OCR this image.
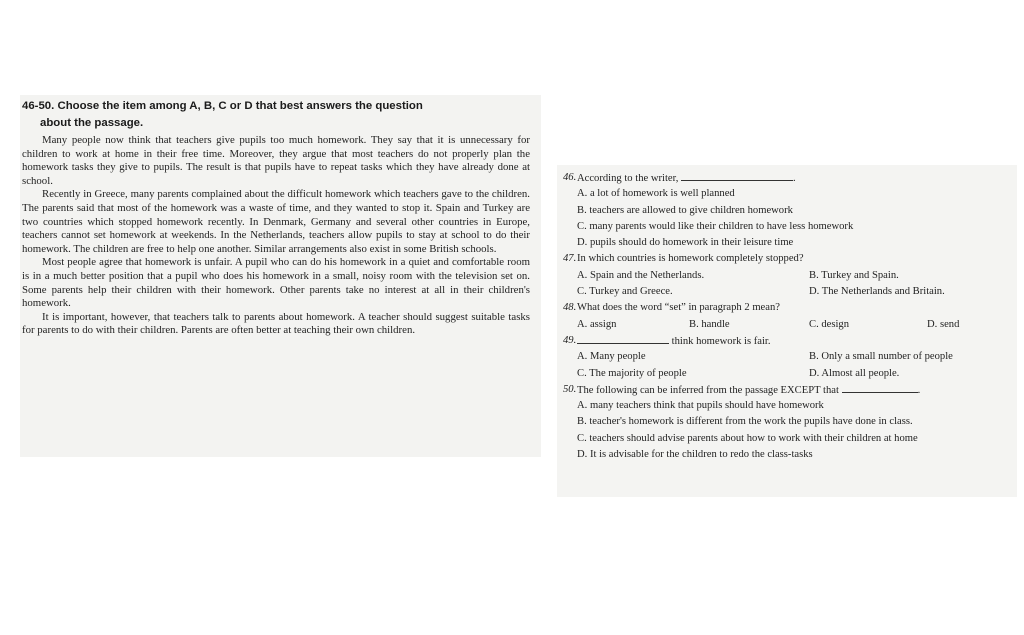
46-50. Choose the item among A, B, C or D that best answers the question
about the passage.

Many people now think that teachers give pupils too much homework. They say that it is unnecessary for children to work at home in their free time. Moreover, they argue that most teachers do not properly plan the homework tasks they give to pupils. The result is that pupils have to repeat tasks which they have already done at school.

Recently in Greece, many parents complained about the difficult homework which teachers gave to the children. The parents said that most of the homework was a waste of time, and they wanted to stop it. Spain and Turkey are two countries which stopped homework recently. In Denmark, Germany and several other countries in Europe, teachers cannot set homework at weekends. In the Netherlands, teachers allow pupils to stay at school to do their homework. The children are free to help one another. Similar arrangements also exist in some British schools.

Most people agree that homework is unfair. A pupil who can do his homework in a quiet and comfortable room is in a much better position that a pupil who does his homework in a small, noisy room with the television set on. Some parents help their children with their homework. Other parents take no interest at all in their children's homework.

It is important, however, that teachers talk to parents about homework. A teacher should suggest suitable tasks for parents to do with their children. Parents are often better at teaching their own children.

46. According to the writer,	.
A. a lot of homework is well planned
B. teachers are allowed to give children homework
C. many parents would like their children to have less homework
D. pupils should do homework in their leisure time
47. In which countries is homework completely stopped?
A. Spain and the Netherlands.	B. Turkey and Spain.
C. Turkey and Greece.	D. The Netherlands and Britain.
48. What does the word “set” in paragraph 2 mean?
A. assign	B. handle	C. design	D. send
49.	think homework is fair.
A. Many people	B. Only a small number of people
C. The majority of people	D. Almost all people.
50. The following can be inferred from the passage EXCEPT that	.
A. many teachers think that pupils should have homework
B. teacher's homework is different from the work the pupils have done in class.
C. teachers should advise parents about how to work with their children at home
D. It is advisable for the children to redo the class-tasks
